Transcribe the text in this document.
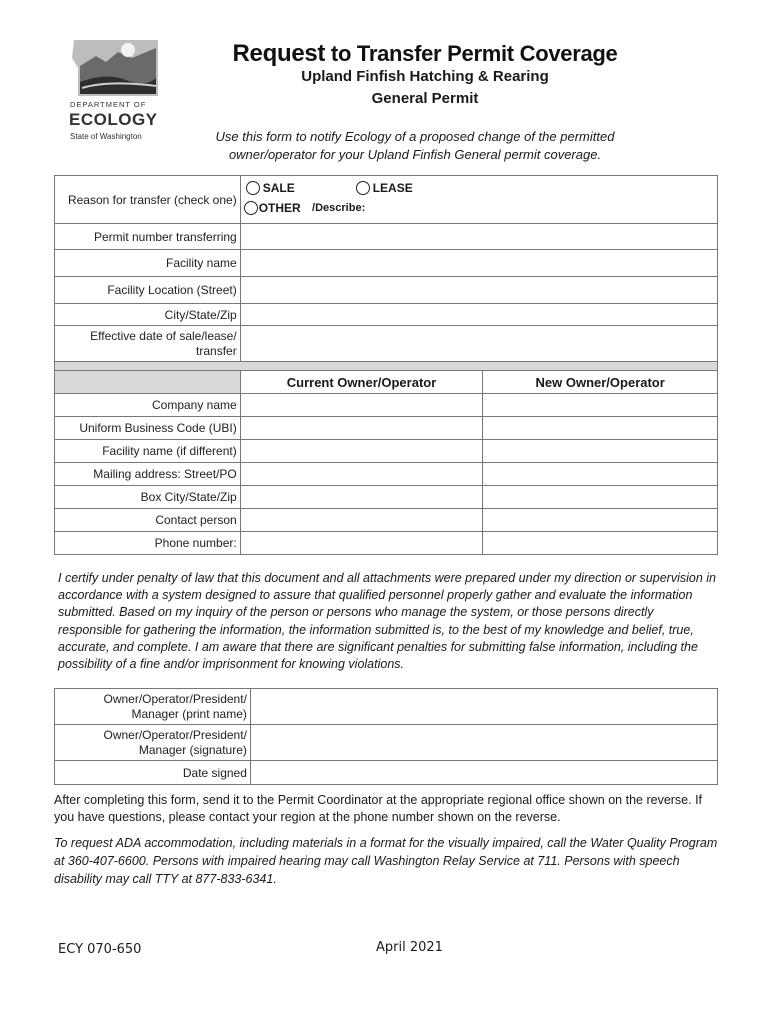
DEPARTMENT OF
ECOLOGY
State of Washington
Request to Transfer Permit Coverage
Upland Finfish Hatching & Rearing
General Permit
Use this form to notify Ecology of a proposed change of the permitted owner/operator for your Upland Finfish General permit coverage.
Reason for transfer (check one)	SALE LEASE
OTHER /Describe:	

Permit number transferring		
Facility name		
Facility Location (Street)		
City/State/Zip		
Effective date of sale/lease/ transfer		

	Current Owner/Operator	New Owner/Operator
Company name		
Uniform Business Code (UBI)		
Facility name (if different)		
Mailing address: Street/PO		
Box City/State/Zip		
Contact person		
Phone number:		
I certify under penalty of law that this document and all attachments were prepared under my direction or supervision in accordance with a system designed to assure that qualified personnel properly gather and evaluate the information submitted. Based on my inquiry of the person or persons who manage the system, or those persons directly responsible for gathering the information, the information submitted is, to the best of my knowledge and belief, true, accurate, and complete. I am aware that there are significant penalties for submitting false information, including the possibility of a fine and/or imprisonment for knowing violations.
Owner/Operator/President/ Manager (print name)	
Owner/Operator/President/ Manager (signature)	
Date signed	
After completing this form, send it to the Permit Coordinator at the appropriate regional office shown on the reverse. If you have questions, please contact your region at the phone number shown on the reverse.
To request ADA accommodation, including materials in a format for the visually impaired, call the Water Quality Program at 360-407-6600. Persons with impaired hearing may call Washington Relay Service at 711. Persons with speech disability may call TTY at 877-833-6341.
ECY 070-650	April 2021
